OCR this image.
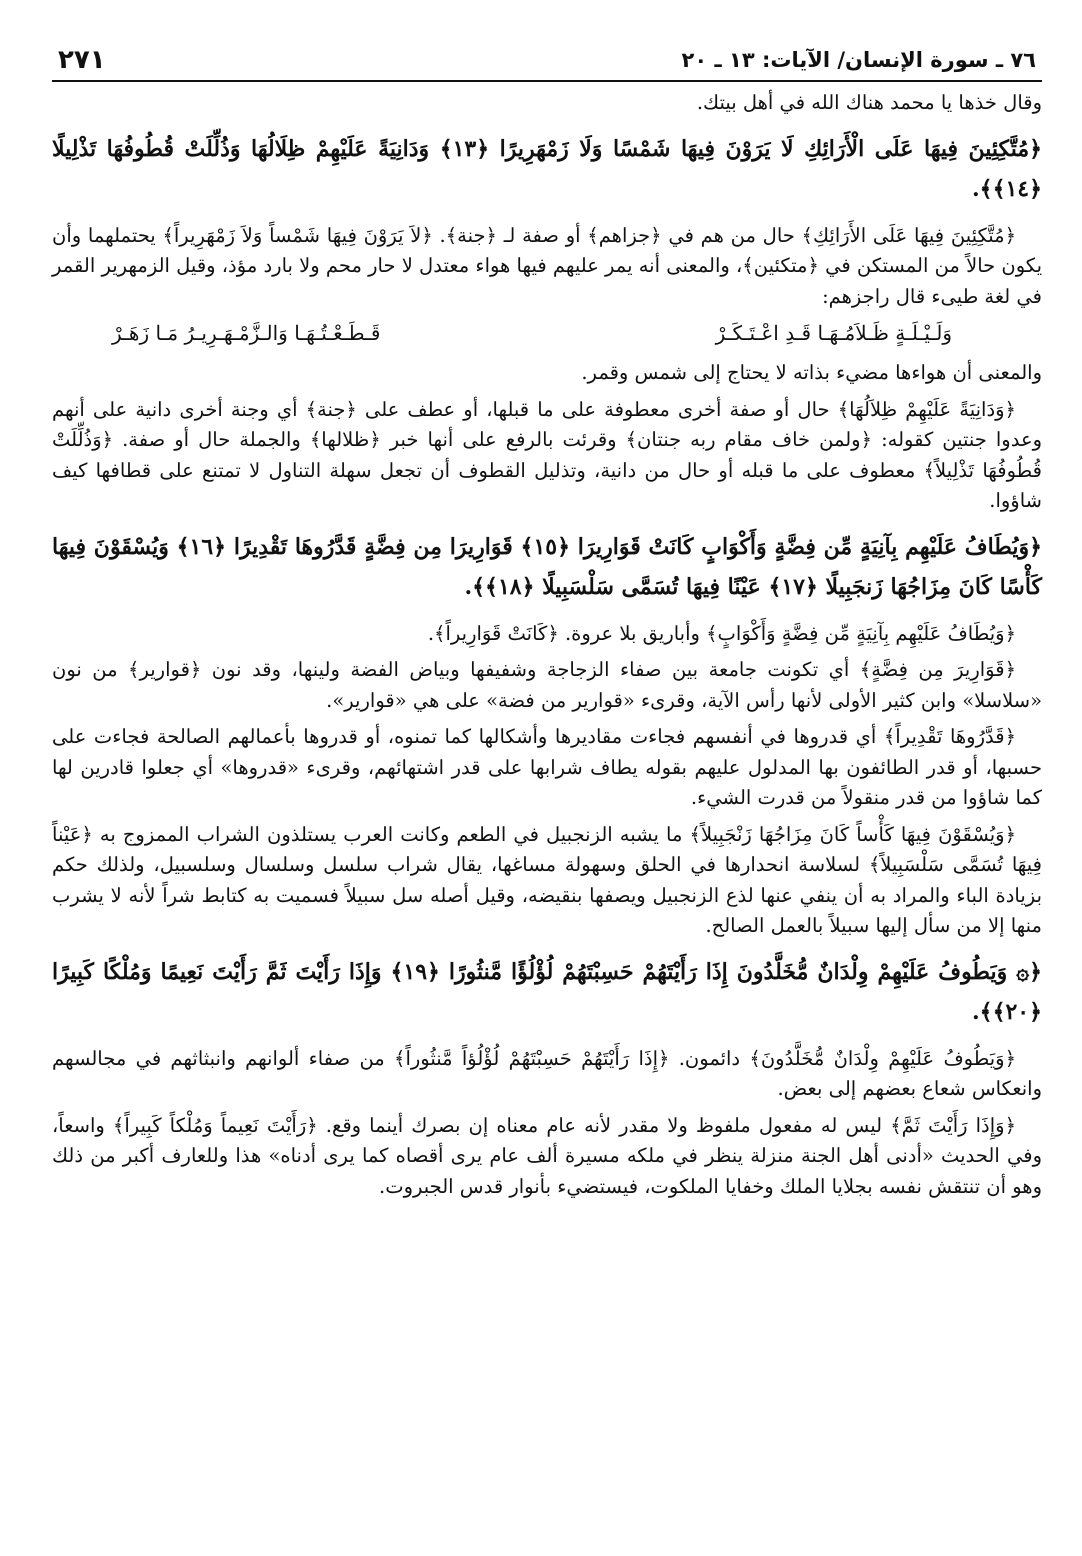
٧٦ ـ سورة الإنسان/ الآيات: ١٣ ـ ٢٠
٢٧١

وقال خذها يا محمد هناك الله في أهل بيتك.

﴿مُتَّكِئِينَ فِيهَا عَلَى الْأَرَائِكِ لَا يَرَوْنَ فِيهَا شَمْسًا وَلَا زَمْهَرِيرًا ﴿١٣﴾ وَدَانِيَةً عَلَيْهِمْ ظِلَالُهَا وَذُلِّلَتْ قُطُوفُهَا تَذْلِيلًا ﴿١٤﴾﴾.

﴿مُتَّكِئِينَ فِيهَا عَلَى الأَرَائِكِ﴾ حال من هم في ﴿جزاهم﴾ أو صفة لـ ﴿جنة﴾. ﴿لاَ يَرَوْنَ فِيهَا شَمْساً وَلاَ زَمْهَرِيراً﴾ يحتملهما وأن يكون حالاً من المستكن في ﴿متكئين﴾، والمعنى أنه يمر عليهم فيها هواء معتدل لا حار محم ولا بارد مؤذ، وقيل الزمهرير القمر في لغة طيىء قال راجزهم:

وَلَـيْـلَـةٍ ظَـلاَمُـهَـا قَـدِ اعْـتَـكَـرْ
قَـطَـعْـتُـهَـا وَالـزَّمْـهَـرِيـرُ مَـا زَهَـرْ

والمعنى أن هواءها مضيء بذاته لا يحتاج إلى شمس وقمر.

﴿وَدَانِيَةً عَلَيْهِمْ ظِلاَلُهَا﴾ حال أو صفة أخرى معطوفة على ما قبلها، أو عطف على ﴿جنة﴾ أي وجنة أخرى دانية على أنهم وعدوا جنتين كقوله: ﴿ولمن خاف مقام ربه جنتان﴾ وقرئت بالرفع على أنها خبر ﴿ظلالها﴾ والجملة حال أو صفة. ﴿وَذُلِّلَتْ قُطُوفُهَا تَذْلِيلاً﴾ معطوف على ما قبله أو حال من دانية، وتذليل القطوف أن تجعل سهلة التناول لا تمتنع على قطافها كيف شاؤوا.

﴿وَيُطَافُ عَلَيْهِم بِآنِيَةٍ مِّن فِضَّةٍ وَأَكْوَابٍ كَانَتْ قَوَارِيرَا ﴿١٥﴾ قَوَارِيرَا مِن فِضَّةٍ قَدَّرُوهَا تَقْدِيرًا ﴿١٦﴾ وَيُسْقَوْنَ فِيهَا كَأْسًا كَانَ مِزَاجُهَا زَنجَبِيلًا ﴿١٧﴾ عَيْنًا فِيهَا تُسَمَّى سَلْسَبِيلًا ﴿١٨﴾﴾.

﴿وَيُطَافُ عَلَيْهِم بِآنِيَةٍ مِّن فِضَّةٍ وَأَكْوَابٍ﴾ وأباريق بلا عروة. ﴿كَانَتْ قَوَارِيراً﴾.

﴿قَوَارِيرَ مِن فِضَّةٍ﴾ أي تكونت جامعة بين صفاء الزجاجة وشفيفها وبياض الفضة ولينها، وقد نون ﴿قوارير﴾ من نون «سلاسلا» وابن كثير الأولى لأنها رأس الآية، وقرىء «قوارير من فضة» على هي «قوارير».

﴿قَدَّرُوهَا تَقْدِيراً﴾ أي قدروها في أنفسهم فجاءت مقاديرها وأشكالها كما تمنوه، أو قدروها بأعمالهم الصالحة فجاءت على حسبها، أو قدر الطائفون بها المدلول عليهم بقوله يطاف شرابها على قدر اشتهائهم، وقرىء «قدروها» أي جعلوا قادرين لها كما شاؤوا من قدر منقولاً من قدرت الشيء.

﴿وَيُسْقَوْنَ فِيهَا كَأْساً كَانَ مِزَاجُهَا زَنْجَبِيلاً﴾ ما يشبه الزنجبيل في الطعم وكانت العرب يستلذون الشراب الممزوج به ﴿عَيْناً فِيهَا تُسَمَّى سَلْسَبِيلاً﴾ لسلاسة انحدارها في الحلق وسهولة مساغها، يقال شراب سلسل وسلسال وسلسبيل، ولذلك حكم بزيادة الباء والمراد به أن ينفي عنها لذع الزنجبيل ويصفها بنقيضه، وقيل أصله سل سبيلاً فسميت به كتابط شراً لأنه لا يشرب منها إلا من سأل إليها سبيلاً بالعمل الصالح.

﴿۞ وَيَطُوفُ عَلَيْهِمْ وِلْدَانٌ مُّخَلَّدُونَ إِذَا رَأَيْتَهُمْ حَسِبْتَهُمْ لُؤْلُؤًا مَّنثُورًا ﴿١٩﴾ وَإِذَا رَأَيْتَ ثَمَّ رَأَيْتَ نَعِيمًا وَمُلْكًا كَبِيرًا ﴿٢٠﴾﴾.

﴿وَيَطُوفُ عَلَيْهِمْ وِلْدَانٌ مُّخَلَّدُونَ﴾ دائمون. ﴿إِذَا رَأَيْتَهُمْ حَسِبْتَهُمْ لُؤْلُؤاً مَّنثُوراً﴾ من صفاء ألوانهم وانبثاثهم في مجالسهم وانعكاس شعاع بعضهم إلى بعض.

﴿وَإِذَا رَأَيْتَ ثَمَّ﴾ ليس له مفعول ملفوظ ولا مقدر لأنه عام معناه إن بصرك أينما وقع. ﴿رَأَيْتَ نَعِيماً وَمُلْكاً كَبِيراً﴾ واسعاً، وفي الحديث «أدنى أهل الجنة منزلة ينظر في ملكه مسيرة ألف عام يرى أقصاه كما يرى أدناه» هذا وللعارف أكبر من ذلك وهو أن تنتقش نفسه بجلايا الملك وخفايا الملكوت، فيستضيء بأنوار قدس الجبروت.
